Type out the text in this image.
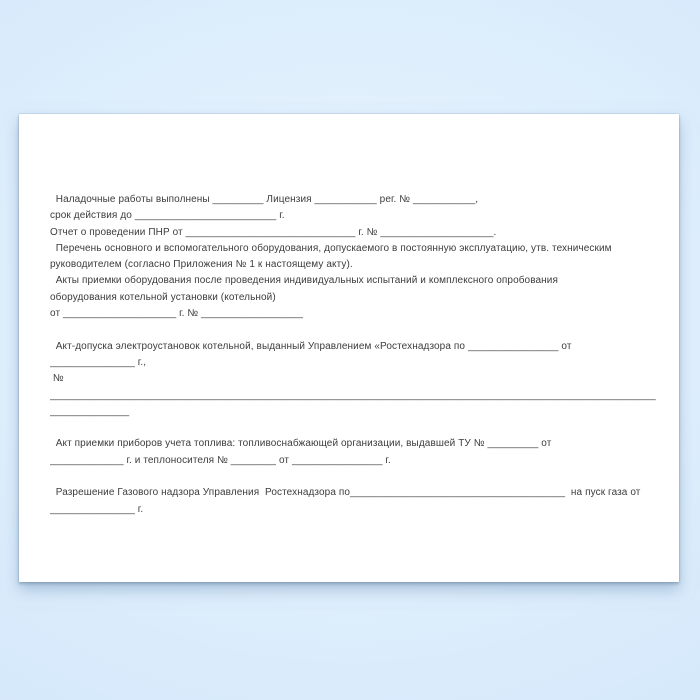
Наладочные работы выполнены _________ Лицензия ___________ рег. № ___________,
срок действия до _________________________ г.
Отчет о проведении ПНР от ______________________________ г. № ____________________.
Перечень основного и вспомогательного оборудования, допускаемого в постоянную эксплуатацию, утв. техническим
руководителем (согласно Приложения № 1 к настоящему акту).
Акты приемки оборудования после проведения индивидуальных испытаний и комплексного опробования
оборудования котельной установки (котельной)
от ____________________ г. № __________________
Акт-допуска электроустановок котельной, выданный Управлением «Ростехнадзора по ________________ от
_______________ г.,
№
___________________________________________________________________________________________________________
______________
Акт приемки приборов учета топлива: топливоснабжающей организации, выдавшей ТУ № _________ от
_____________ г. и теплоносителя № ________ от ________________ г.
Разрешение Газового надзора Управления  Ростехнадзора по______________________________________  на пуск газа от
_______________ г.
